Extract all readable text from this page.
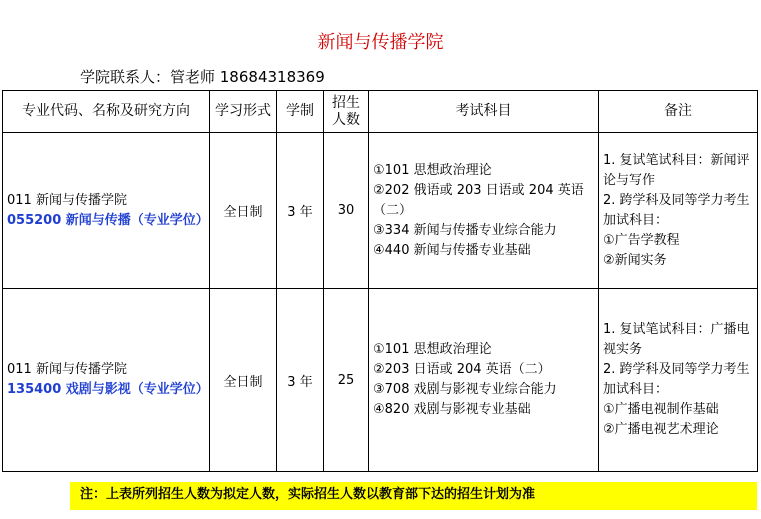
新闻与传播学院
学院联系人：管老师 18684318369
专业代码、名称及研究方向	学习形式	学制	招生人数	考试科目	备注

011 新闻与传播学院
055200 新闻与传播（专业学位）	全日制	3 年	30	①101 思想政治理论
②202 俄语或 203 日语或 204 英语（二）
③334 新闻与传播专业综合能力
④440 新闻与传播专业基础	1. 复试笔试科目：新闻评论与写作
2. 跨学科及同等学力考生加试科目：
①广告学教程
②新闻实务

011 新闻与传播学院
135400 戏剧与影视（专业学位）	全日制	3 年	25	①101 思想政治理论
②203 日语或 204 英语（二）
③708 戏剧与影视专业综合能力
④820 戏剧与影视专业基础	1. 复试笔试科目：广播电视实务
2. 跨学科及同等学力考生加试科目：
①广播电视制作基础
②广播电视艺术理论
注：上表所列招生人数为拟定人数，实际招生人数以教育部下达的招生计划为准
